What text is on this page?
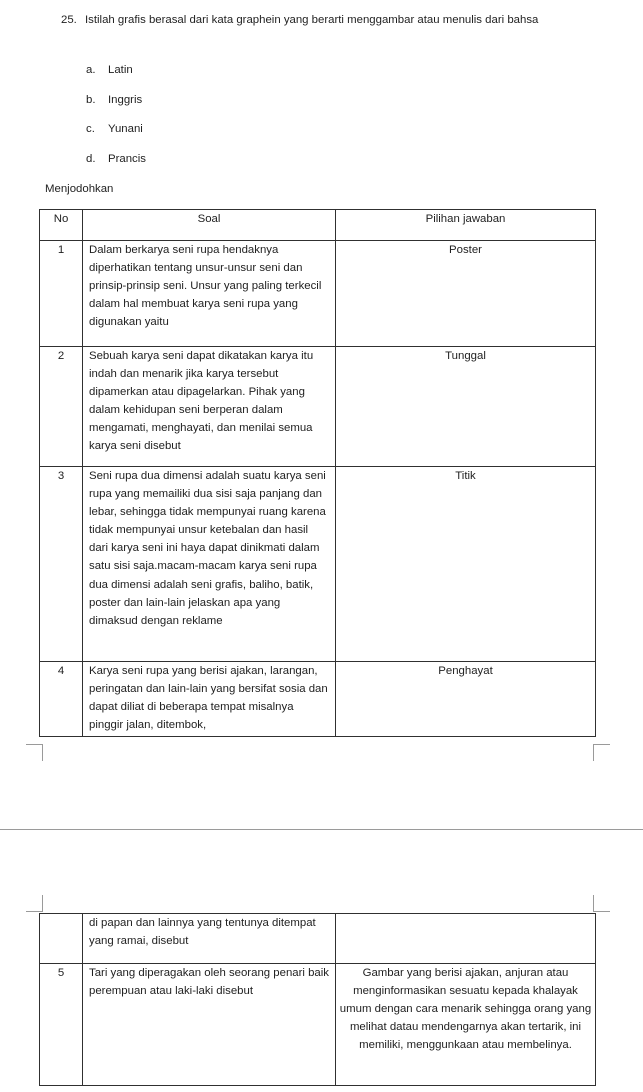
25. Istilah grafis berasal dari kata graphein yang berarti menggambar atau menulis dari bahsa
a. Latin
b. Inggris
c. Yunani
d. Prancis
Menjodohkan
No	Soal	Pilihan jawaban

1	Dalam berkarya seni rupa hendaknya diperhatikan tentang unsur-unsur seni dan prinsip-prinsip seni. Unsur yang paling terkecil dalam hal membuat karya seni rupa yang digunakan yaitu	Poster

2	Sebuah karya seni dapat dikatakan karya itu indah dan menarik jika karya tersebut dipamerkan atau dipagelarkan. Pihak yang dalam kehidupan seni berperan dalam mengamati, menghayati, dan menilai semua karya seni disebut	Tunggal

3	Seni rupa dua dimensi adalah suatu karya seni rupa yang memailiki dua sisi saja panjang dan lebar, sehingga tidak mempunyai ruang karena tidak mempunyai unsur ketebalan dan hasil dari karya seni ini haya dapat dinikmati dalam satu sisi saja.macam-macam karya seni rupa dua dimensi adalah seni grafis, baliho, batik, poster dan lain-lain jelaskan apa yang dimaksud dengan reklame	Titik

4	Karya seni rupa yang berisi ajakan, larangan, peringatan dan lain-lain yang bersifat sosia dan dapat diliat di beberapa tempat misalnya pinggir jalan, ditembok,	Penghayat

	di papan dan lainnya yang tentunya ditempat yang ramai, disebut	

5	Tari yang diperagakan oleh seorang penari baik perempuan atau laki-laki disebut	Gambar yang berisi ajakan, anjuran atau menginformasikan sesuatu kepada khalayak umum dengan cara menarik sehingga orang yang melihat datau mendengarnya akan tertarik, ini memiliki, menggunkaan atau membelinya.
